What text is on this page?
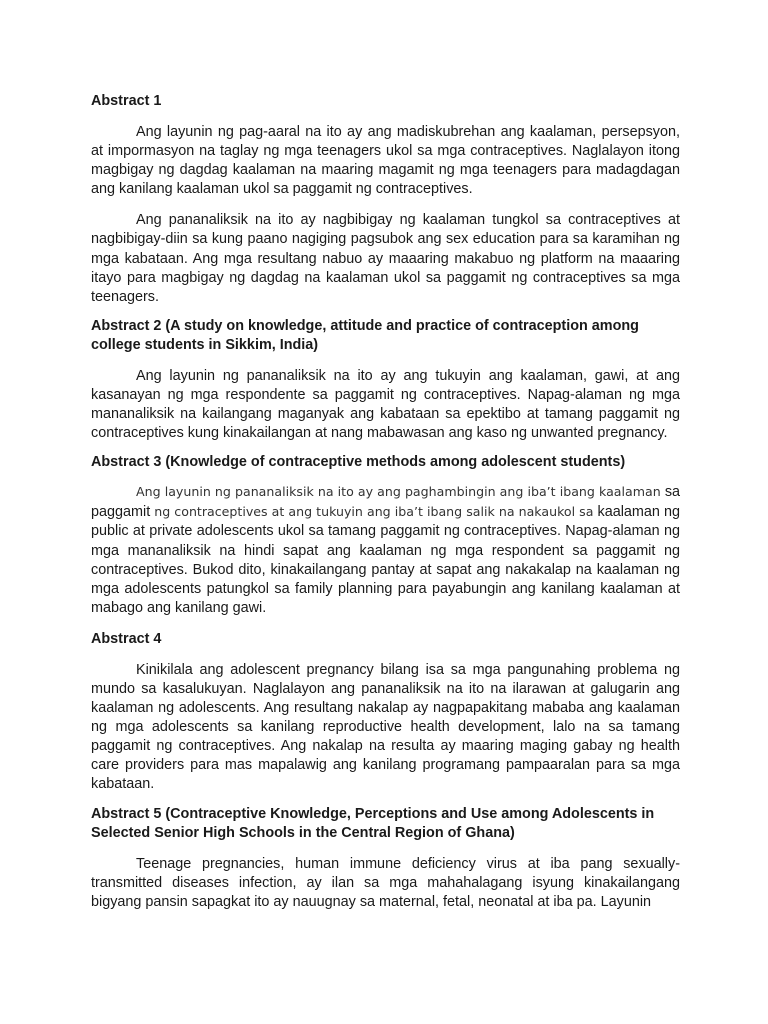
Abstract 1

Ang layunin ng pag-aaral na ito ay ang madiskubrehan ang kaalaman, persepsyon, at impormasyon na taglay ng mga teenagers ukol sa mga contraceptives. Naglalayon itong magbigay ng dagdag kaalaman na maaring magamit ng mga teenagers para madagdagan ang kanilang kaalaman ukol sa paggamit ng contraceptives.

Ang pananaliksik na ito ay nagbibigay ng kaalaman tungkol sa contraceptives at nagbibigay-diin sa kung paano nagiging pagsubok ang sex education para sa karamihan ng mga kabataan. Ang mga resultang nabuo ay maaaring makabuo ng platform na maaaring itayo para magbigay ng dagdag na kaalaman ukol sa paggamit ng contraceptives sa mga teenagers.

Abstract 2 (A study on knowledge, attitude and practice of contraception among college students in Sikkim, India)

Ang layunin ng pananaliksik na ito ay ang tukuyin ang kaalaman, gawi, at ang kasanayan ng mga respondente sa paggamit ng contraceptives. Napag-alaman ng mga mananaliksik na kailangang maganyak ang kabataan sa epektibo at tamang paggamit ng contraceptives kung kinakailangan at nang mabawasan ang kaso ng unwanted pregnancy.

Abstract 3 (Knowledge of contraceptive methods among adolescent students)

Ang layunin ng pananaliksik na ito ay ang paghambingin ang iba’t ibang kaalaman sa paggamit ng contraceptives at ang tukuyin ang iba’t ibang salik na nakaukol sa kaalaman ng public at private adolescents ukol sa tamang paggamit ng contraceptives. Napag-alaman ng mga mananaliksik na hindi sapat ang kaalaman ng mga respondent sa paggamit ng contraceptives. Bukod dito, kinakailangang pantay at sapat ang nakakalap na kaalaman ng mga adolescents patungkol sa family planning para payabungin ang kanilang kaalaman at mabago ang kanilang gawi.

Abstract 4

Kinikilala ang adolescent pregnancy bilang isa sa mga pangunahing problema ng mundo sa kasalukuyan. Naglalayon ang pananaliksik na ito na ilarawan at galugarin ang kaalaman ng adolescents. Ang resultang nakalap ay nagpapakitang mababa ang kaalaman ng mga adolescents sa kanilang reproductive health development, lalo na sa tamang paggamit ng contraceptives. Ang nakalap na resulta ay maaring maging gabay ng health care providers para mas mapalawig ang kanilang programang pampaaralan para sa mga kabataan.

Abstract 5 (Contraceptive Knowledge, Perceptions and Use among Adolescents in Selected Senior High Schools in the Central Region of Ghana)

Teenage pregnancies, human immune deficiency virus at iba pang sexually-transmitted diseases infection, ay ilan sa mga mahahalagang isyung kinakailangang bigyang pansin sapagkat ito ay nauugnay sa maternal, fetal, neonatal at iba pa. Layunin
